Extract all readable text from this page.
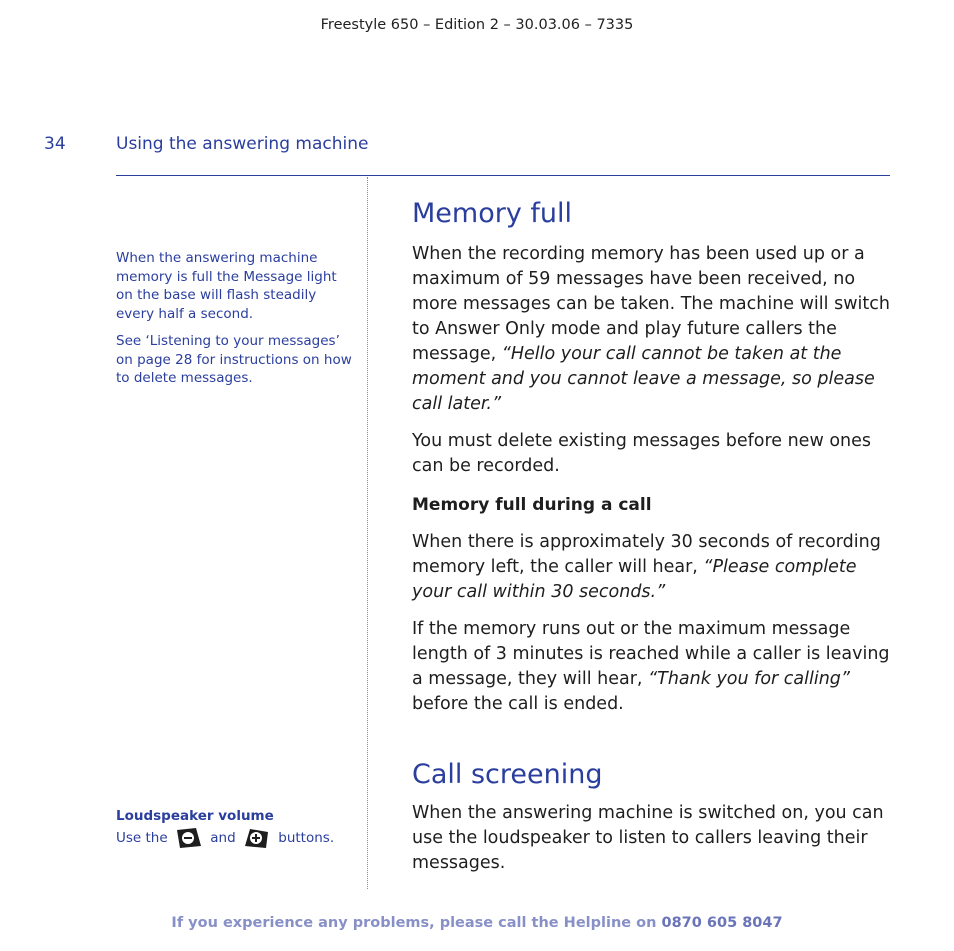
Freestyle 650 – Edition 2 – 30.03.06 – 7335
34	Using the answering machine

When the answering machine memory is full the Message light on the base will flash steadily every half a second.

See ‘Listening to your messages’ on page 28 for instructions on how to delete messages.

Loudspeaker volume
Use the	and	buttons.
Memory full

When the recording memory has been used up or a maximum of 59 messages have been received, no more messages can be taken. The machine will switch to Answer Only mode and play future callers the message, “Hello your call cannot be taken at the moment and you cannot leave a message, so please call later.”

You must delete existing messages before new ones can be recorded.

Memory full during a call

When there is approximately 30 seconds of recording memory left, the caller will hear, “Please complete your call within 30 seconds.”

If the memory runs out or the maximum message length of 3 minutes is reached while a caller is leaving a message, they will hear, “Thank you for calling” before the call is ended.

Call screening

When the answering machine is switched on, you can use the loudspeaker to listen to callers leaving their messages.

If you experience any problems, please call the Helpline on 0870 605 8047
